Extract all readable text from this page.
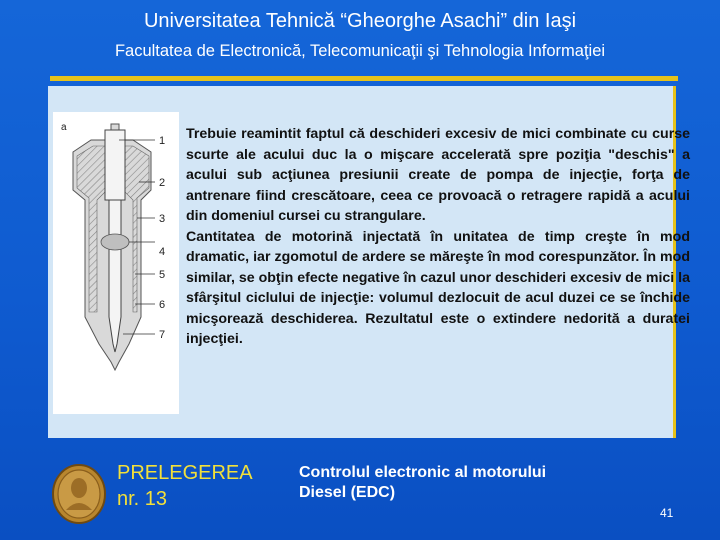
Universitatea Tehnică “Gheorghe Asachi” din Iaşi
Facultatea de Electronică, Telecomunicaţii şi Tehnologia Informaţiei
a
1
2
3
4
5
6
7

Trebuie reamintit faptul că deschideri excesiv de mici combinate cu curse scurte ale acului duc la o mişcare accelerată spre poziţia "deschis" a acului sub acţiunea presiunii create de pompa de injecţie, forţa de antrenare fiind crescătoare, ceea ce provoacă o retragere rapidă a acului din domeniul cursei cu strangulare.

Cantitatea de motorină injectată în unitatea de timp creşte în mod dramatic, iar zgomotul de ardere se măreşte în mod corespunzător. În mod similar, se obţin efecte negative în cazul unor deschideri excesiv de mici la sfârşitul ciclului de injecţie: volumul dezlocuit de acul duzei ce se închide micşorează deschiderea. Rezultatul este o extindere nedorită a duratei injecţiei.

PRELEGEREA
nr. 13
Controlul electronic al motorului
Diesel (EDC)
41
